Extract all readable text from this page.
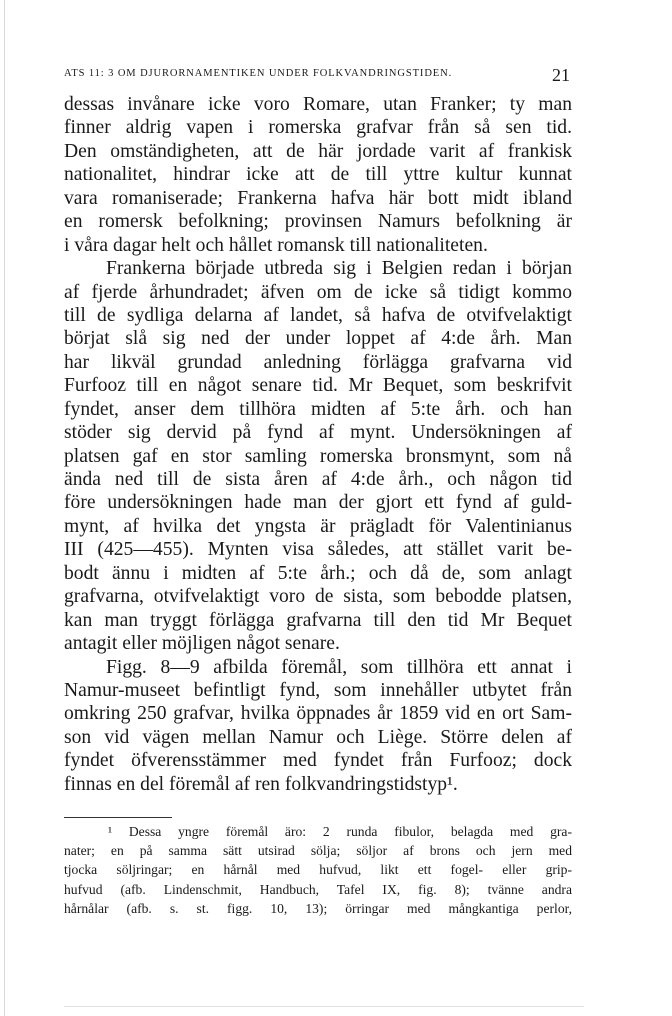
ATS 11: 3 OM DJURORNAMENTIKEN UNDER FOLKVANDRINGSTIDEN.	21
dessas invånare icke voro Romare, utan Franker; ty man
finner aldrig vapen i romerska grafvar från så sen tid.
Den omständigheten, att de här jordade varit af frankisk
nationalitet, hindrar icke att de till yttre kultur kunnat
vara romaniserade; Frankerna hafva här bott midt ibland
en romersk befolkning; provinsen Namurs befolkning är
i våra dagar helt och hållet romansk till nationaliteten.
Frankerna började utbreda sig i Belgien redan i början
af fjerde århundradet; äfven om de icke så tidigt kommo
till de sydliga delarna af landet, så hafva de otvifvelaktigt
börjat slå sig ned der under loppet af 4:de årh. Man
har likväl grundad anledning förlägga grafvarna vid
Furfooz till en något senare tid. Mr Bequet, som beskrifvit
fyndet, anser dem tillhöra midten af 5:te årh. och han
stöder sig dervid på fynd af mynt. Undersökningen af
platsen gaf en stor samling romerska bronsmynt, som nå
ända ned till de sista åren af 4:de årh., och någon tid
före undersökningen hade man der gjort ett fynd af guld-
mynt, af hvilka det yngsta är prägladt för Valentinianus
III (425—455). Mynten visa således, att stället varit be-
bodt ännu i midten af 5:te årh.; och då de, som anlagt
grafvarna, otvifvelaktigt voro de sista, som bebodde platsen,
kan man tryggt förlägga grafvarna till den tid Mr Bequet
antagit eller möjligen något senare.
Figg. 8—9 afbilda föremål, som tillhöra ett annat i
Namur-museet befintligt fynd, som innehåller utbytet från
omkring 250 grafvar, hvilka öppnades år 1859 vid en ort Sam-
son vid vägen mellan Namur och Liège. Större delen af
fyndet öfverensstämmer med fyndet från Furfooz; dock
finnas en del föremål af ren folkvandringstidstyp¹.
¹ Dessa yngre föremål äro: 2 runda fibulor, belagda med gra-
nater; en på samma sätt utsirad sölja; söljor af brons och jern med
tjocka söljringar; en hårnål med hufvud, likt ett fogel- eller grip-
hufvud (afb. Lindenschmit, Handbuch, Tafel IX, fig. 8); tvänne andra
hårnålar (afb. s. st. figg. 10, 13); örringar med mångkantiga perlor,
